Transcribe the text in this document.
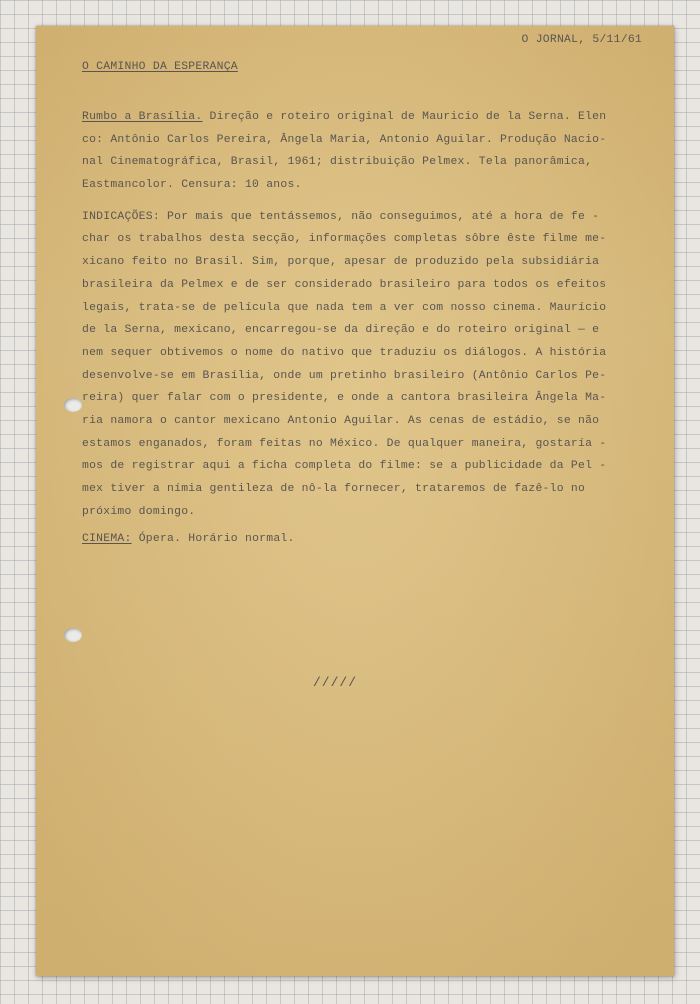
O JORNAL, 5/11/61
O CAMINHO DA ESPERANÇA
Rumbo a Brasília. Direção e roteiro original de Mauricio de la Serna. Elen
co: Antônio Carlos Pereira, Ângela Maria, Antonio Aguilar. Produção Nacio-
nal Cinematográfica, Brasil, 1961; distribuição Pelmex. Tela panorâmica,
Eastmancolor. Censura: 10 anos.
INDICAÇÕES: Por mais que tentássemos, não conseguimos, até a hora de fe -
char os trabalhos desta secção, informações completas sôbre êste filme me-
xicano feito no Brasil. Sim, porque, apesar de produzido pela subsidiária
brasileira da Pelmex e de ser considerado brasileiro para todos os efeitos
legais, trata-se de película que nada tem a ver com nosso cinema. Maurício
de la Serna, mexicano, encarregou-se da direção e do roteiro original — e
nem sequer obtivemos o nome do nativo que traduziu os diálogos. A história
desenvolve-se em Brasília, onde um pretinho brasileiro (Antônio Carlos Pe-
reira) quer falar com o presidente, e onde a cantora brasileira Ângela Ma-
ria namora o cantor mexicano Antonio Aguilar. As cenas de estádio, se não
estamos enganados, foram feitas no México. De qualquer maneira, gostaría -
mos de registrar aqui a ficha completa do filme: se a publicidade da Pel -
mex tiver a nímia gentileza de nô-la fornecer, trataremos de fazê-lo no
próximo domingo.
CINEMA: Ópera. Horário normal.
/////
